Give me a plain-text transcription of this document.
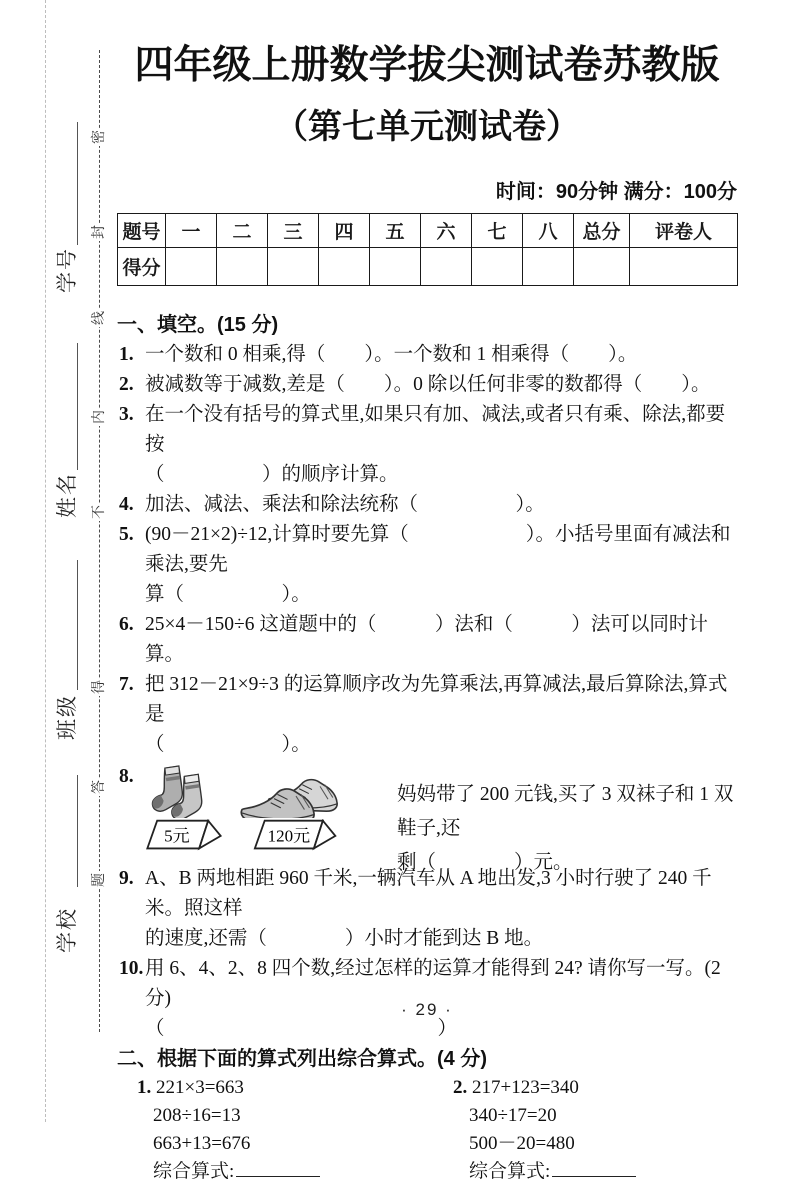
密
封
线
内
不
得
答
题
学号
姓名
班级
学校
四年级上册数学拔尖测试卷苏教版
（第七单元测试卷）
时间：90分钟 满分：100分
题号	一	二	三	四	五	六	七	八	总分	评卷人
得分										
一、填空。(15 分)
1. 一个数和 0 相乘,得（　　）。一个数和 1 相乘得（　　）。
2. 被减数等于减数,差是（　　）。0 除以任何非零的数都得（　　）。
3. 在一个没有括号的算式里,如果只有加、减法,或者只有乘、除法,都要按
（　　　　　）的顺序计算。
4. 加法、减法、乘法和除法统称（　　　　　）。
5. (90－21×2)÷12,计算时要先算（　　　　　　）。小括号里面有减法和乘法,要先
算（　　　　　）。
6. 25×4－150÷6 这道题中的（　　　）法和（　　　）法可以同时计算。
7. 把 312－21×9÷3 的运算顺序改为先算乘法,再算减法,最后算除法,算式是
（　　　　　　）。
8.
5元	120元
妈妈带了 200 元钱,买了 3 双袜子和 1 双鞋子,还
剩（　　　　）元。
9. A、B 两地相距 960 千米,一辆汽车从 A 地出发,3 小时行驶了 240 千米。照这样
的速度,还需（　　　　）小时才能到达 B 地。
10. 用 6、4、2、8 四个数,经过怎样的运算才能得到 24? 请你写一写。(2 分)
（　　　　　　　　　　　　　　）
二、根据下面的算式列出综合算式。(4 分)
1. 221×3=663
208÷16=13
663+13=676
综合算式:
2. 217+123=340
340÷17=20
500－20=480
综合算式:
· 29 ·
